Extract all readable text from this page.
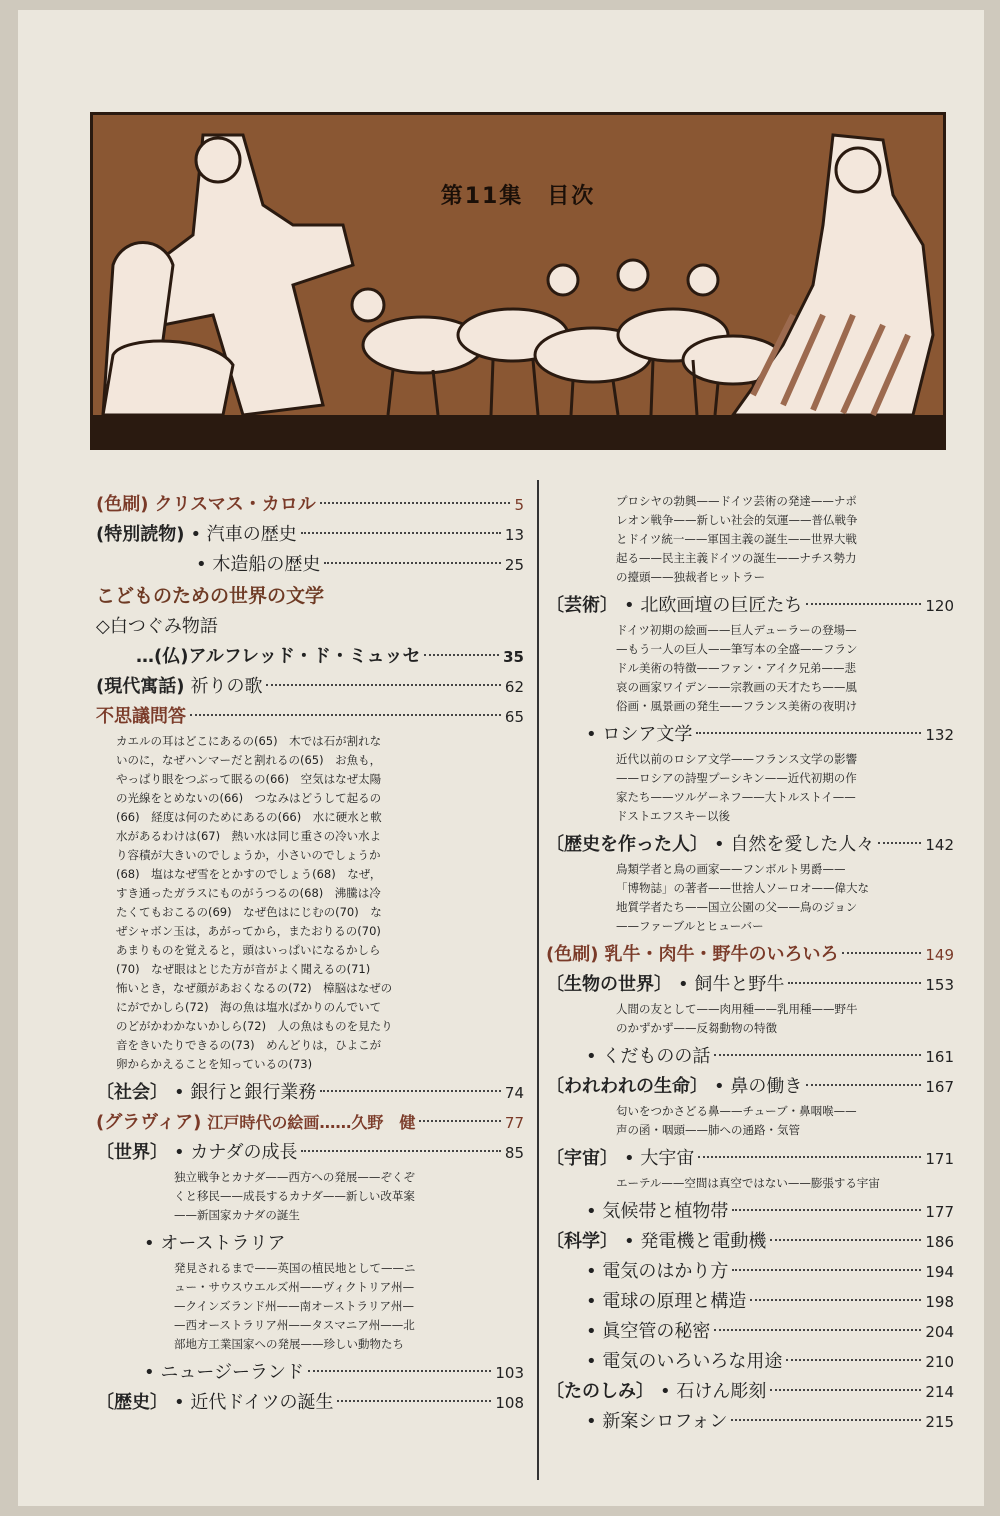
第11集　目次
(色刷) クリスマス・カロル	5
(特別読物) • 汽車の歴史	13
• 木造船の歴史	25
こどものための世界の文学
◇白つぐみ物語
…(仏)アルフレッド・ド・ミュッセ	35
(現代寓話) 祈りの歌	62
不思議問答	65
カエルの耳はどこにあるの(65)　木では石が割れな
いのに，なぜハンマーだと割れるの(65)　お魚も，
やっぱり眼をつぶって眠るの(66)　空気はなぜ太陽
の光線をとめないの(66)　つなみはどうして起るの
(66)　経度は何のためにあるの(66)　水に硬水と軟
水があるわけは(67)　熱い水は同じ重さの冷い水よ
り容積が大きいのでしょうか，小さいのでしょうか
(68)　塩はなぜ雪をとかすのでしょう(68)　なぜ，
すき通ったガラスにものがうつるの(68)　沸騰は冷
たくてもおこるの(69)　なぜ色はにじむの(70)　な
ぜシャボン玉は，あがってから，またおりるの(70)
あまりものを覚えると，頭はいっぱいになるかしら
(70)　なぜ眼はとじた方が音がよく聞えるの(71)
怖いとき，なぜ顔があおくなるの(72)　樟脳はなぜの
にがでかしら(72)　海の魚は塩水ばかりのんでいて
のどがかわかないかしら(72)　人の魚はものを見たり
音をきいたりできるの(73)　めんどりは，ひよこが
卵からかえることを知っているの(73)
〔社会〕 • 銀行と銀行業務	74
(グラヴィア) 江戸時代の絵画……久野　健	77
〔世界〕 • カナダの成長	85
独立戦争とカナダ——西方への発展——ぞくぞ
くと移民——成長するカナダ——新しい改革案
——新国家カナダの誕生
• オーストラリア
発見されるまで——英国の植民地として——ニ
ュー・サウスウエルズ州——ヴィクトリア州—
—クインズランド州——南オーストラリア州—
—西オーストラリア州——タスマニア州——北
部地方工業国家への発展——珍しい動物たち
• ニュージーランド	103
〔歴史〕 • 近代ドイツの誕生	108
プロシヤの勃興——ドイツ芸術の発達——ナポ
レオン戦争——新しい社会的気運——普仏戦争
とドイツ統一——軍国主義の誕生——世界大戦
起る——民主主義ドイツの誕生——ナチス勢力
の擡頭——独裁者ヒットラー
〔芸術〕 • 北欧画壇の巨匠たち	120
ドイツ初期の絵画——巨人デューラーの登場—
—もう一人の巨人——筆写本の全盛——フラン
ドル美術の特徴——ファン・アイク兄弟——悲
哀の画家ワイデン——宗教画の天才たち——風
俗画・風景画の発生——フランス美術の夜明け
• ロシア文学	132
近代以前のロシア文学——フランス文学の影響
——ロシアの詩聖プーシキン——近代初期の作
家たち——ツルゲーネフ——大トルストイ——
ドストエフスキー以後
〔歴史を作った人〕 • 自然を愛した人々	142
鳥類学者と鳥の画家——フンボルト男爵——
「博物誌」の著者——世捨人ソーロオ——偉大な
地質学者たち——国立公園の父——鳥のジョン
——ファーブルとヒューバー
(色刷) 乳牛・肉牛・野牛のいろいろ	149
〔生物の世界〕 • 飼牛と野牛	153
人間の友として——肉用種——乳用種——野牛
のかずかず——反芻動物の特徴
• くだものの話	161
〔われわれの生命〕 • 鼻の働き	167
匂いをつかさどる鼻——チューブ・鼻咽喉——
声の函・咽頭——肺への通路・気管
〔宇宙〕 • 大宇宙	171
エーテル——空間は真空ではない——膨張する宇宙
• 気候帯と植物帯	177
〔科学〕 • 発電機と電動機	186
• 電気のはかり方	194
• 電球の原理と構造	198
• 眞空管の秘密	204
• 電気のいろいろな用途	210
〔たのしみ〕 • 石けん彫刻	214
• 新案シロフォン	215
